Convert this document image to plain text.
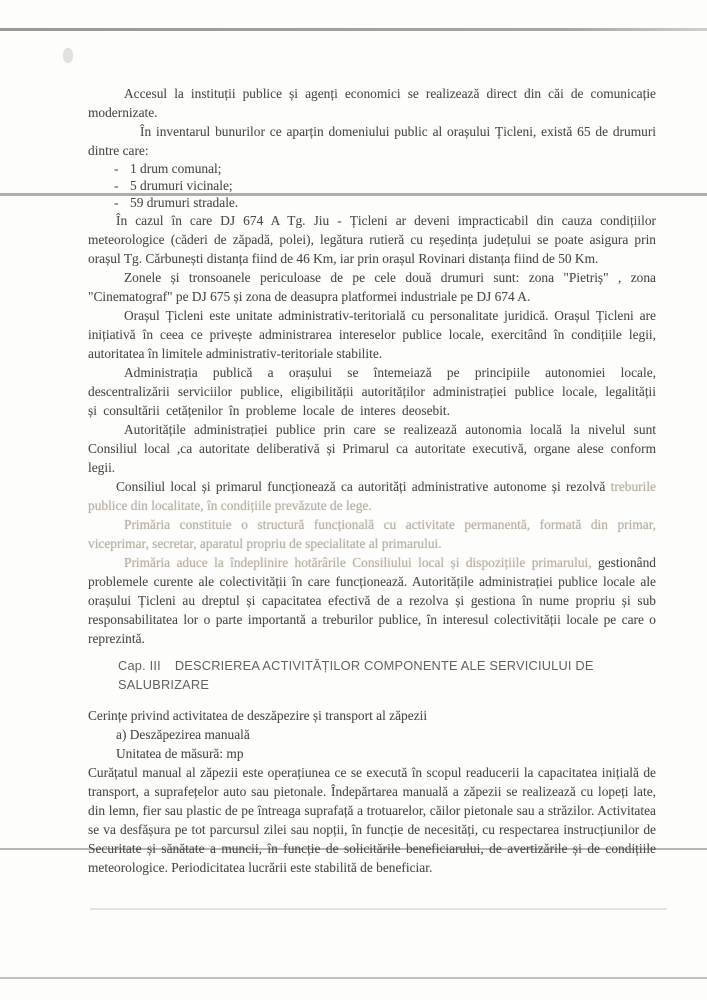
Accesul la instituții publice și agenți economici se realizează direct din căi de comunicație modernizate.

În inventarul bunurilor ce aparțin domeniului public al orașului Țicleni, există 65 de drumuri dintre care:

- 1 drum comunal;
- 5 drumuri vicinale;
- 59 drumuri stradale.

În cazul în care DJ 674 A Tg. Jiu - Țicleni ar deveni impracticabil din cauza condițiilor meteorologice (căderi de zăpadă, polei), legătura rutieră cu reședința județului se poate asigura prin orașul Tg. Cărbunești distanța fiind de 46 Km, iar prin orașul Rovinari distanța fiind de 50 Km.

Zonele și tronsoanele periculoase de pe cele două drumuri sunt: zona "Pietriș" , zona "Cinematograf" pe DJ 675 și zona de deasupra platformei industriale pe DJ 674 A.

Orașul Țicleni este unitate administrativ-teritorială cu personalitate juridică. Orașul Țicleni are inițiativă în ceea ce privește administrarea intereselor publice locale, exercitând în condițiile legii, autoritatea în limitele administrativ-teritoriale stabilite.

Administrația publică a orașului se întemeiază pe principiile autonomiei locale, descentralizării serviciilor publice, eligibilității autorităților administrației publice locale, legalității și consultării cetățenilor în probleme locale de interes deosebit.

Autoritățile administrației publice prin care se realizează autonomia locală la nivelul sunt Consiliul local ,ca autoritate deliberativă și Primarul ca autoritate executivă, organe alese conform legii.

Consiliul local și primarul funcționează ca autorități administrative autonome și rezolvă treburile publice din localitate, în condițiile prevăzute de lege.

Primăria constituie o structură funcțională cu activitate permanentă, formată din primar, viceprimar, secretar, aparatul propriu de specialitate al primarului.

Primăria aduce la îndeplinire hotărârile Consiliului local și dispozițiile primarului, gestionând problemele curente ale colectivității în care funcționează. Autoritățile administrației publice locale ale orașului Țicleni au dreptul și capacitatea efectivă de a rezolva și gestiona în nume propriu și sub responsabilitatea lor o parte importantă a treburilor publice, în interesul colectivității locale pe care o reprezintă.

Cap. III DESCRIEREA ACTIVITĂȚILOR COMPONENTE ALE SERVICIULUI DE SALUBRIZARE

Cerințe privind activitatea de deszăpezire și transport al zăpezii

a) Deszăpezirea manuală

Unitatea de măsură: mp

Curățatul manual al zăpezii este operațiunea ce se execută în scopul readucerii la capacitatea inițială de transport, a suprafețelor auto sau pietonale. Îndepărtarea manuală a zăpezii se realizează cu lopeți late, din lemn, fier sau plastic de pe întreaga suprafață a trotuarelor, căilor pietonale sau a străzilor. Activitatea se va desfășura pe tot parcursul zilei sau nopții, în funcție de necesități, cu respectarea instrucțiunilor de Securitate și sănătate a muncii, în funcție de solicitările beneficiarului, de avertizările și de condițiile meteorologice. Periodicitatea lucrării este stabilită de beneficiar.
